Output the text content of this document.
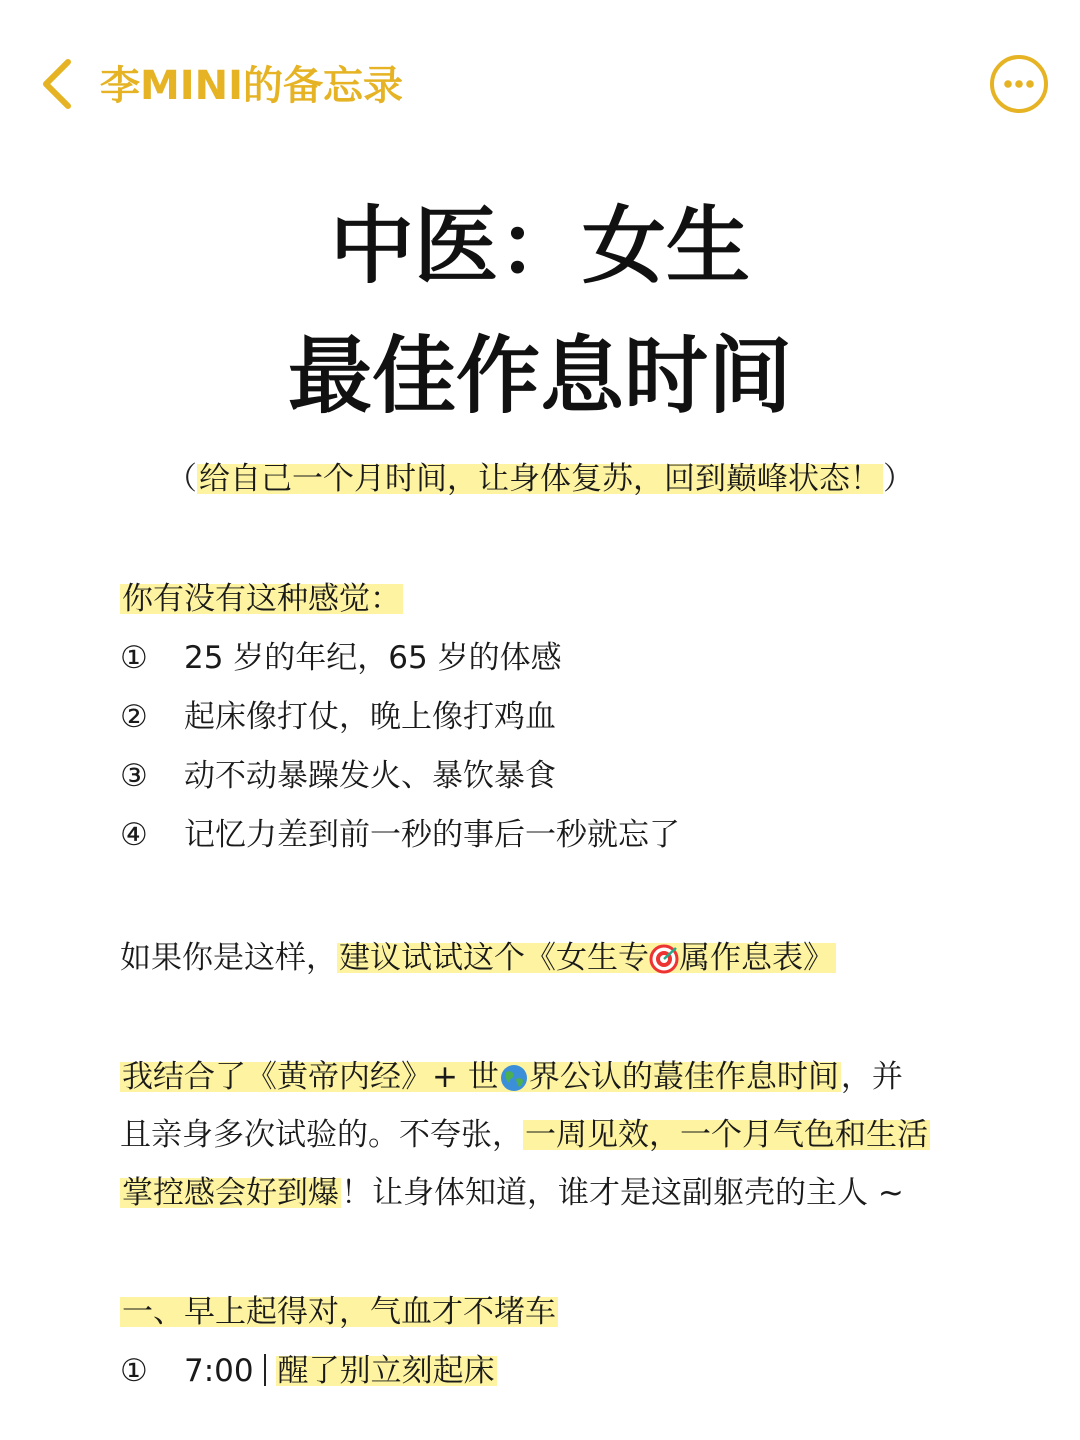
李MINI的备忘录
中医：女生
最佳作息时间
（给自己一个月时间，让身体复苏，回到巅峰状态！）
你有没有这种感觉：
① 25 岁的年纪，65 岁的体感
② 起床像打仗，晚上像打鸡血
③ 动不动暴躁发火、暴饮暴食
④ 记忆力差到前一秒的事后一秒就忘了
如果你是这样，建议试试这个《女生专 属作息表》
我结合了《黄帝内经》+ 世 界公认的蕞佳作息时间，并
且亲身多次试验的。不夸张，一周见效，一个月气色和生活
掌控感会好到爆！让身体知道，谁才是这副躯壳的主人 ~
一、早上起得对，气血才不堵车
① 7:00 醒了别立刻起床
